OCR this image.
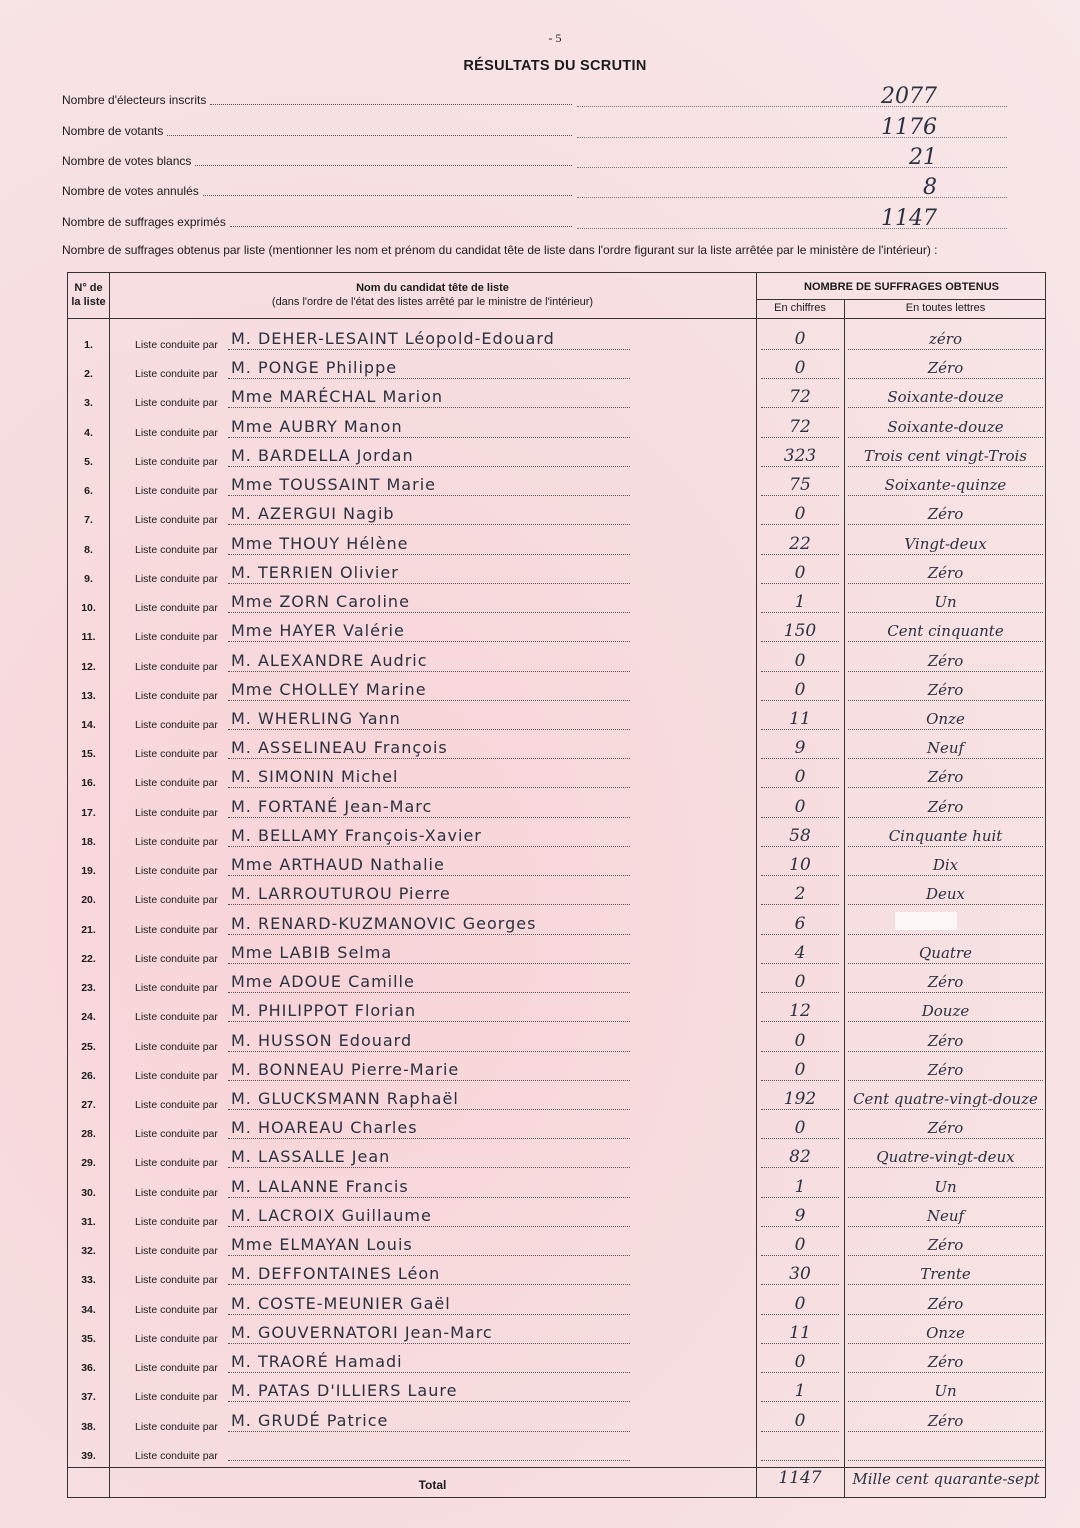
- 5
RÉSULTATS DU SCRUTIN
Nombre d'électeurs inscrits	2077
Nombre de votants	1176
Nombre de votes blancs	21
Nombre de votes annulés	8
Nombre de suffrages exprimés	1147
Nombre de suffrages obtenus par liste (mentionner les nom et prénom du candidat tête de liste dans l'ordre figurant sur la liste arrêtée par le ministère de l'intérieur) :
N° de
la liste
Nom du candidat tête de liste
(dans l'ordre de l'état des listes arrêté par le ministre de l'intérieur)
NOMBRE DE SUFFRAGES OBTENUS
En chiffres	En toutes lettres
1.	Liste conduite par M. DEHER-LESAINT Léopold-Edouard	0	zéro
2.	Liste conduite par M. PONGE Philippe	0	Zéro
3.	Liste conduite par Mme MARÉCHAL Marion	72	Soixante-douze
4.	Liste conduite par Mme AUBRY Manon	72	Soixante-douze
5.	Liste conduite par M. BARDELLA Jordan	323	Trois cent vingt-Trois
6.	Liste conduite par Mme TOUSSAINT Marie	75	Soixante-quinze
7.	Liste conduite par M. AZERGUI Nagib	0	Zéro
8.	Liste conduite par Mme THOUY Hélène	22	Vingt-deux
9.	Liste conduite par M. TERRIEN Olivier	0	Zéro
10.	Liste conduite par Mme ZORN Caroline	1	Un
11.	Liste conduite par Mme HAYER Valérie	150	Cent cinquante
12.	Liste conduite par M. ALEXANDRE Audric	0	Zéro
13.	Liste conduite par Mme CHOLLEY Marine	0	Zéro
14.	Liste conduite par M. WHERLING Yann	11	Onze
15.	Liste conduite par M. ASSELINEAU François	9	Neuf
16.	Liste conduite par M. SIMONIN Michel	0	Zéro
17.	Liste conduite par M. FORTANÉ Jean-Marc	0	Zéro
18.	Liste conduite par M. BELLAMY François-Xavier	58	Cinquante huit
19.	Liste conduite par Mme ARTHAUD Nathalie	10	Dix
20.	Liste conduite par M. LARROUTUROU Pierre	2	Deux
21.	Liste conduite par M. RENARD-KUZMANOVIC Georges	6
22.	Liste conduite par Mme LABIB Selma	4	Quatre
23.	Liste conduite par Mme ADOUE Camille	0	Zéro
24.	Liste conduite par M. PHILIPPOT Florian	12	Douze
25.	Liste conduite par M. HUSSON Edouard	0	Zéro
26.	Liste conduite par M. BONNEAU Pierre-Marie	0	Zéro
27.	Liste conduite par M. GLUCKSMANN Raphaël	192	Cent quatre-vingt-douze
28.	Liste conduite par M. HOAREAU Charles	0	Zéro
29.	Liste conduite par M. LASSALLE Jean	82	Quatre-vingt-deux
30.	Liste conduite par M. LALANNE Francis	1	Un
31.	Liste conduite par M. LACROIX Guillaume	9	Neuf
32.	Liste conduite par Mme ELMAYAN Louis	0	Zéro
33.	Liste conduite par M. DEFFONTAINES Léon	30	Trente
34.	Liste conduite par M. COSTE-MEUNIER Gaël	0	Zéro
35.	Liste conduite par M. GOUVERNATORI Jean-Marc	11	Onze
36.	Liste conduite par M. TRAORÉ Hamadi	0	Zéro
37.	Liste conduite par M. PATAS D'ILLIERS Laure	1	Un
38.	Liste conduite par M. GRUDÉ Patrice	0	Zéro
39.	Liste conduite par
Total	1147	Mille cent quarante-sept
